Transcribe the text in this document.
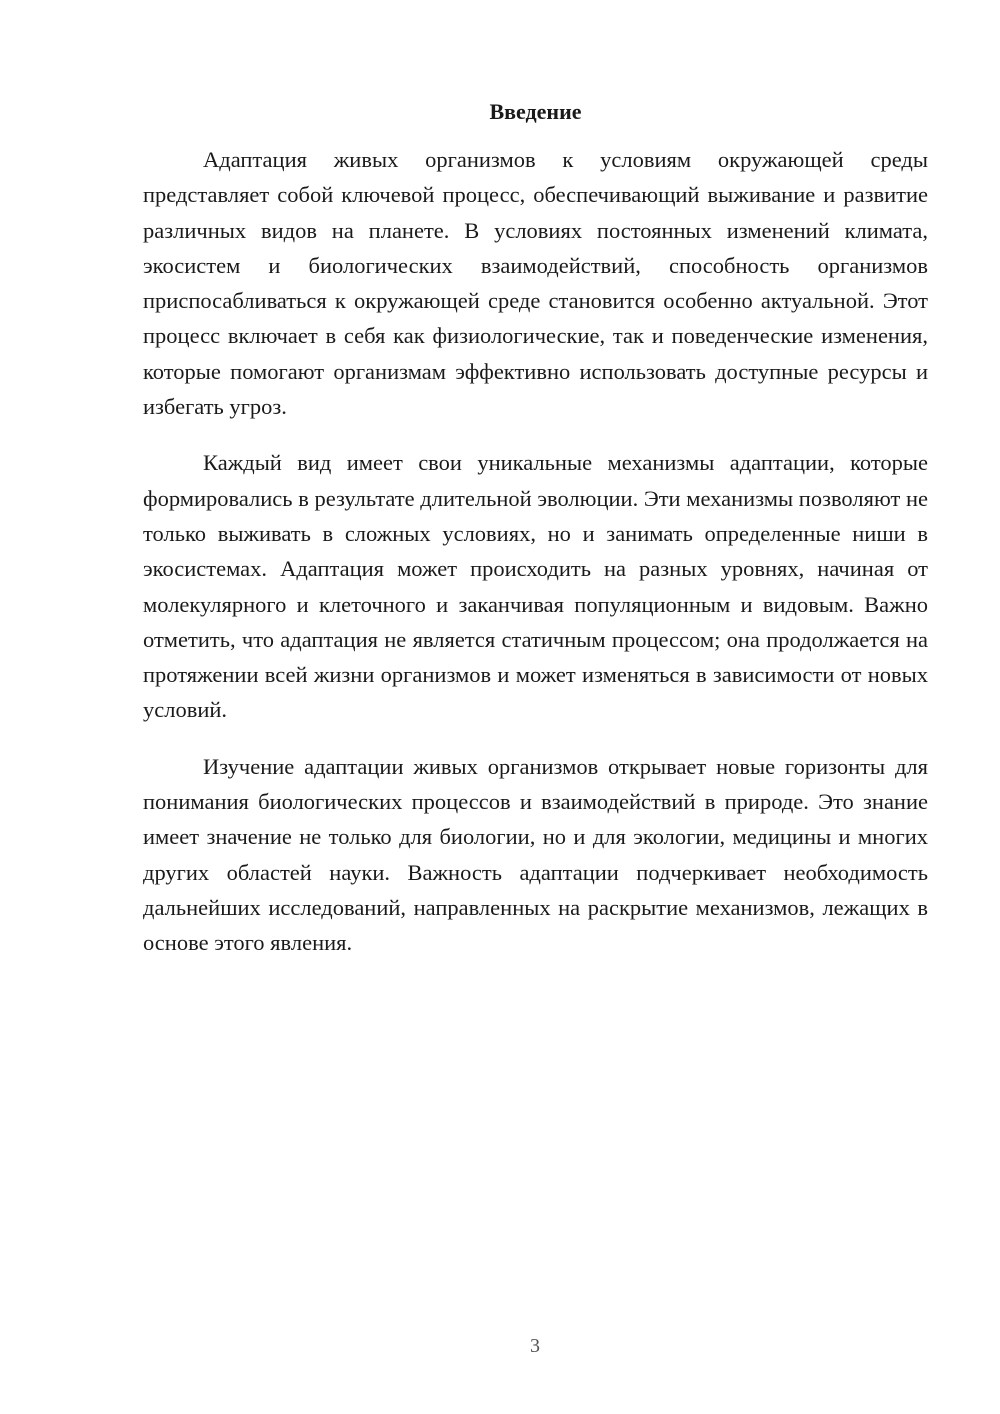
Введение

Адаптация живых организмов к условиям окружающей среды представляет собой ключевой процесс, обеспечивающий выживание и развитие различных видов на планете. В условиях постоянных изменений климата, экосистем и биологических взаимодействий, способность организмов приспосабливаться к окружающей среде становится особенно актуальной. Этот процесс включает в себя как физиологические, так и поведенческие изменения, которые помогают организмам эффективно использовать доступные ресурсы и избегать угроз.

Каждый вид имеет свои уникальные механизмы адаптации, которые формировались в результате длительной эволюции. Эти механизмы позволяют не только выживать в сложных условиях, но и занимать определенные ниши в экосистемах. Адаптация может происходить на разных уровнях, начиная от молекулярного и клеточного и заканчивая популяционным и видовым. Важно отметить, что адаптация не является статичным процессом; она продолжается на протяжении всей жизни организмов и может изменяться в зависимости от новых условий.

Изучение адаптации живых организмов открывает новые горизонты для понимания биологических процессов и взаимодействий в природе. Это знание имеет значение не только для биологии, но и для экологии, медицины и многих других областей науки. Важность адаптации подчеркивает необходимость дальнейших исследований, направленных на раскрытие механизмов, лежащих в основе этого явления.

3
